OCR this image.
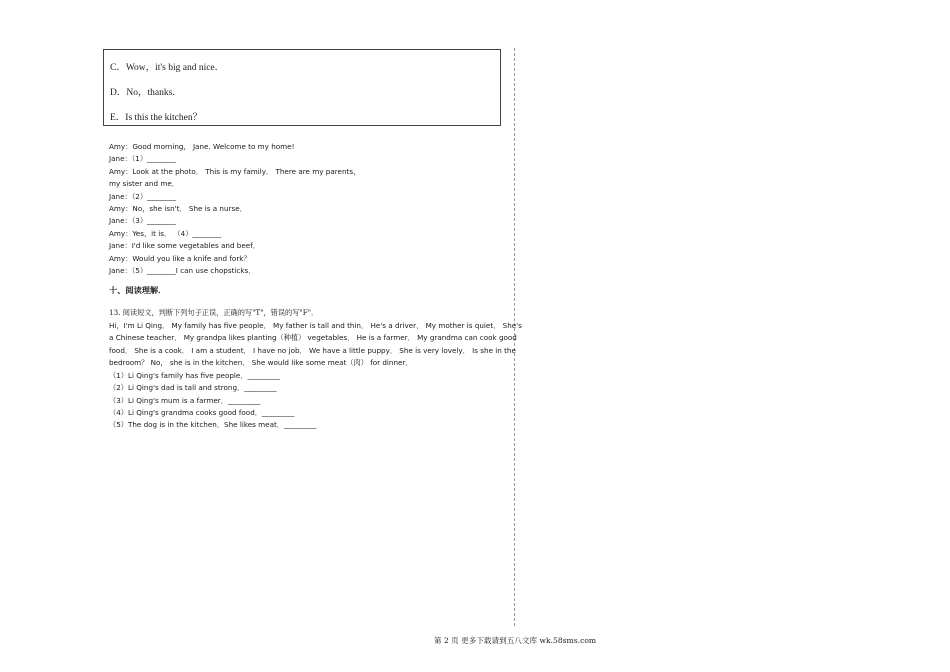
C．Wow，it's big and nice．
D．No，thanks．
E．Is this the kitchen？
Amy：Good morning， Jane. Welcome to my home!
Jane：（1）________
Amy：Look at the photo． This is my family． There are my parents，
my sister and me．
Jane：（2）________
Amy：No，she isn't． She is a nurse．
Jane：（3）________
Amy：Yes，it is． （4）________
Jane：I'd like some vegetables and beef．
Amy：Would you like a knife and fork？
Jane：（5）________I can use chopsticks．
十、阅读理解．
13. 阅读短文，判断下列句子正误，正确的写"T"，错误的写"F"．
Hi，I'm Li Qing． My family has five people． My father is tall and thin． He's a driver． My mother is quiet． She's
a Chinese teacher． My grandpa likes planting（种植） vegetables． He is a farmer． My grandma can cook good
food． She is a cook． I am a student． I have no job． We have a little puppy． She is very lovely． Is she in the
bedroom？ No， she is in the kitchen． She would like some meat（肉） for dinner．
（1）Li Qing's family has five people．_________
（2）Li Qing's dad is tall and strong．_________
（3）Li Qing's mum is a farmer．_________
（4）Li Qing's grandma cooks good food．_________
（5）The dog is in the kitchen．She likes meat．_________
第 2 页 更多下载请到五八文库 wk.58sms.com
